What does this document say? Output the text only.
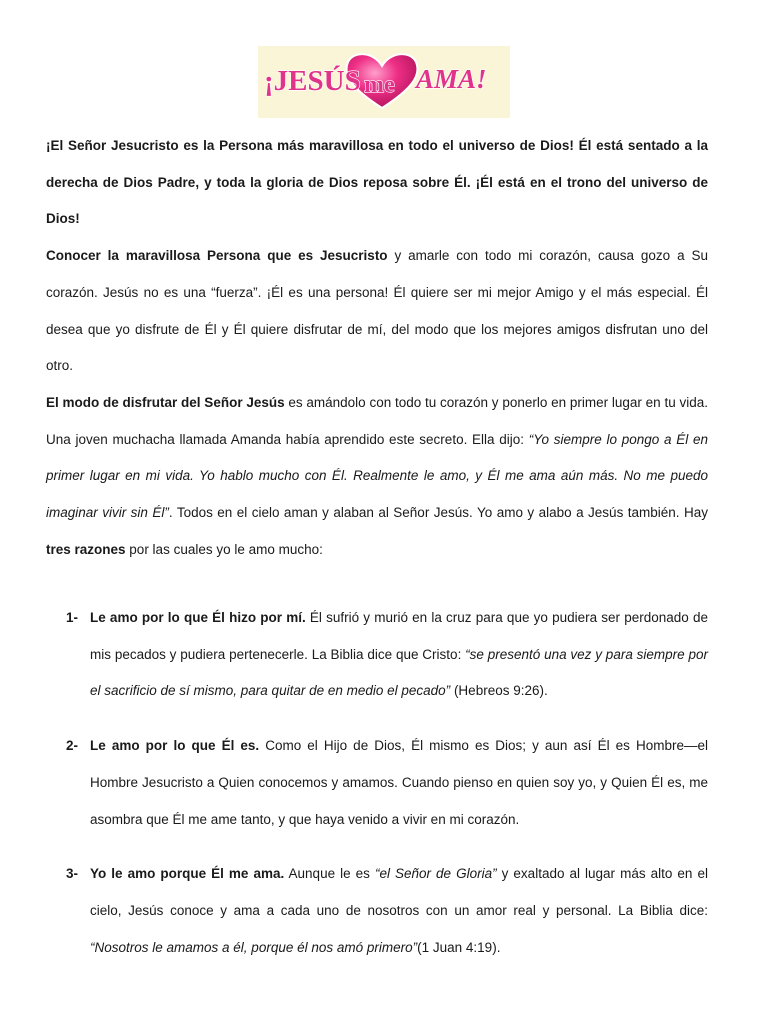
¡JESÚS me AMA!

¡El Señor Jesucristo es la Persona más maravillosa en todo el universo de Dios! Él está sentado a la derecha de Dios Padre, y toda la gloria de Dios reposa sobre Él. ¡Él está en el trono del universo de Dios!

Conocer la maravillosa Persona que es Jesucristo y amarle con todo mi corazón, causa gozo a Su corazón. Jesús no es una “fuerza”. ¡Él es una persona! Él quiere ser mi mejor Amigo y el más especial. Él desea que yo disfrute de Él y Él quiere disfrutar de mí, del modo que los mejores amigos disfrutan uno del otro.

El modo de disfrutar del Señor Jesús es amándolo con todo tu corazón y ponerlo en primer lugar en tu vida. Una joven muchacha llamada Amanda había aprendido este secreto. Ella dijo: “Yo siempre lo pongo a Él en primer lugar en mi vida. Yo hablo mucho con Él. Realmente le amo, y Él me ama aún más. No me puedo imaginar vivir sin Él”. Todos en el cielo aman y alaban al Señor Jesús. Yo amo y alabo a Jesús también. Hay tres razones por las cuales yo le amo mucho:

1- Le amo por lo que Él hizo por mí. Él sufrió y murió en la cruz para que yo pudiera ser perdonado de mis pecados y pudiera pertenecerle. La Biblia dice que Cristo: “se presentó una vez y para siempre por el sacrificio de sí mismo, para quitar de en medio el pecado” (Hebreos 9:26).

2- Le amo por lo que Él es. Como el Hijo de Dios, Él mismo es Dios; y aun así Él es Hombre—el Hombre Jesucristo a Quien conocemos y amamos. Cuando pienso en quien soy yo, y Quien Él es, me asombra que Él me ame tanto, y que haya venido a vivir en mi corazón.

3- Yo le amo porque Él me ama. Aunque le es “el Señor de Gloria” y exaltado al lugar más alto en el cielo, Jesús conoce y ama a cada uno de nosotros con un amor real y personal. La Biblia dice: “Nosotros le amamos a él, porque él nos amó primero”(1 Juan 4:19).
